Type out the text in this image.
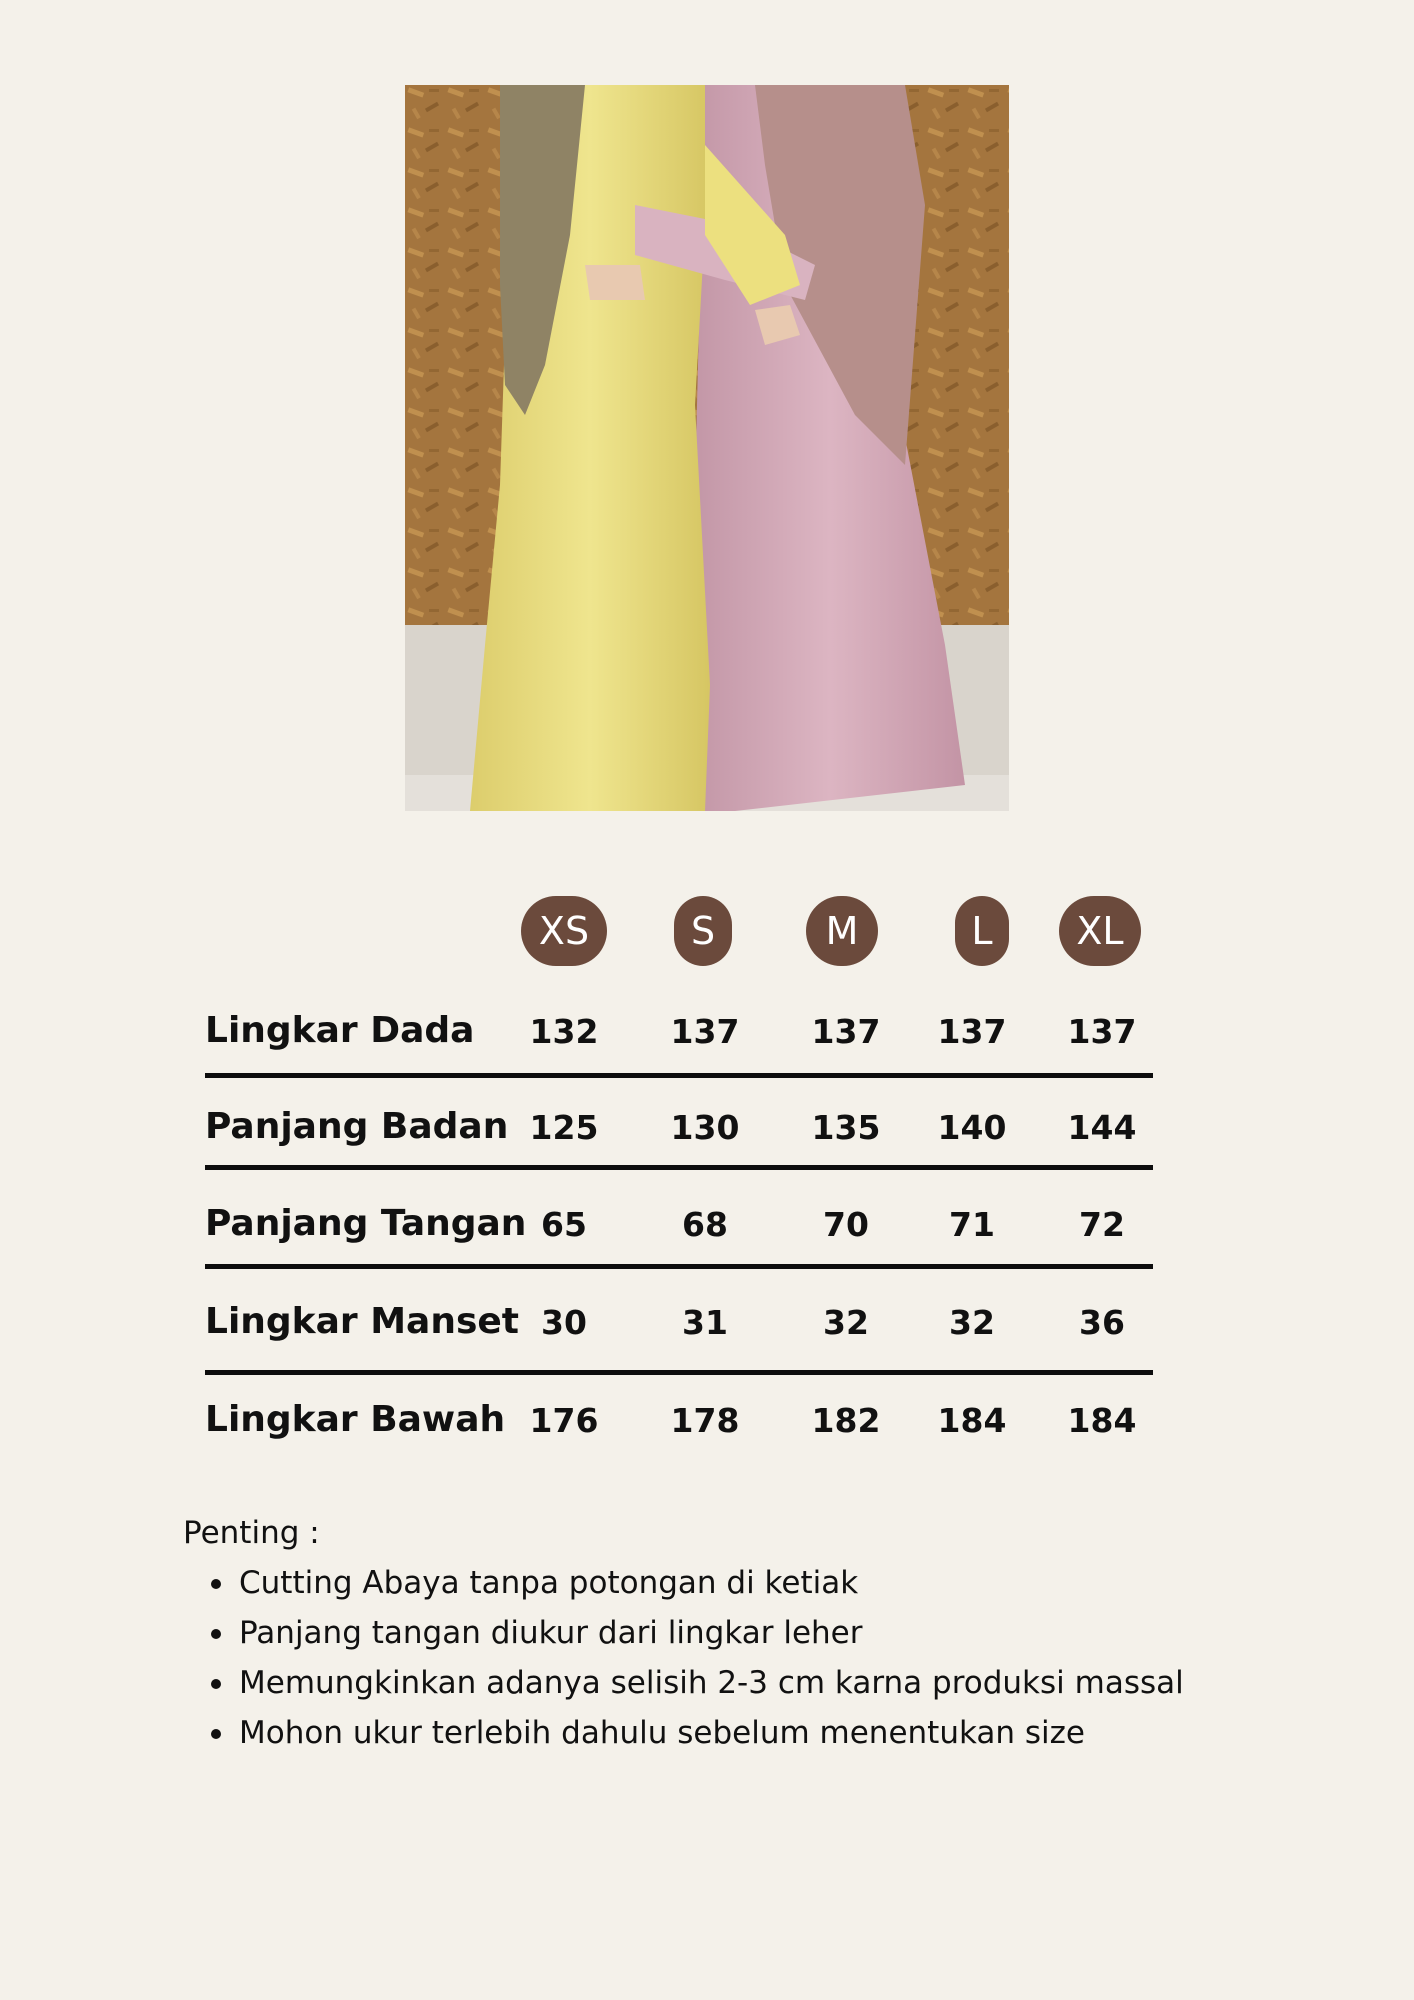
XS	S	M	L	XL
Lingkar Dada	132	137	137	137	137
Panjang Badan 125	130	135	140	144
Panjang Tangan 65	68	70	71	72
Lingkar Manset 30	31	32	32	36
Lingkar Bawah 176	178	182	184	184
Penting :
Cutting Abaya tanpa potongan di ketiak
Panjang tangan diukur dari lingkar leher
Memungkinkan adanya selisih 2-3 cm karna produksi massal
Mohon ukur terlebih dahulu sebelum menentukan size
